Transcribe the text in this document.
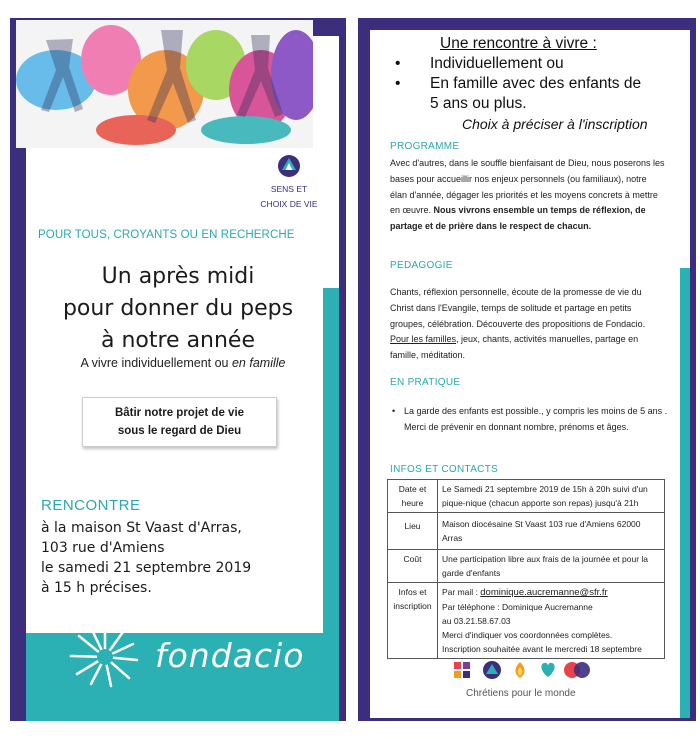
SENS ET
CHOIX DE VIE
POUR TOUS, CROYANTS OU EN RECHERCHE
Un après midi
pour donner du peps
à notre année
A vivre individuellement ou en famille
Bâtir notre projet de vie
sous le regard de Dieu
RENCONTRE
à la maison St Vaast d'Arras,
103 rue d'Amiens
le samedi 21 septembre 2019
à 15 h précises.
fondacio
Une rencontre à vivre :
• Individuellement ou
• En famille avec des enfants de
5 ans ou plus.
Choix à préciser à l'inscription
PROGRAMME
Avec d'autres, dans le souffle bienfaisant de Dieu, nous poserons les bases pour accueillir nos enjeux personnels (ou familiaux), notre élan d'année, dégager les priorités et les moyens concrets à mettre en œuvre. Nous vivrons ensemble un temps de réflexion, de partage et de prière dans le respect de chacun.
PEDAGOGIE
Chants, réflexion personnelle, écoute de la promesse de vie du Christ dans l'Evangile, temps de solitude et partage en petits groupes, célébration. Découverte des propositions de Fondacio. Pour les familles, jeux, chants, activités manuelles, partage en famille, méditation.
EN PRATIQUE
• La garde des enfants est possible., y compris les moins de 5 ans . Merci de prévenir en donnant nombre, prénoms et âges.
INFOS ET CONTACTS
Date et heure	Le Samedi 21 septembre 2019 de 15h à 20h suivi d'un pique-nique (chacun apporte son repas) jusqu'à 21h
Lieu	Maison diocésaine St Vaast 103 rue d'Amiens 62000 Arras
Coût	Une participation libre aux frais de la journée et pour la garde d'enfants
Infos et inscription	Par mail : dominique.aucremanne@sfr.fr
Par téléphone : Dominique Aucremanne
au 03.21.58.67.03
Merci d'indiquer vos coordonnées complètes.
Inscription souhaitée avant le mercredi 18 septembre
Chrétiens pour le monde
